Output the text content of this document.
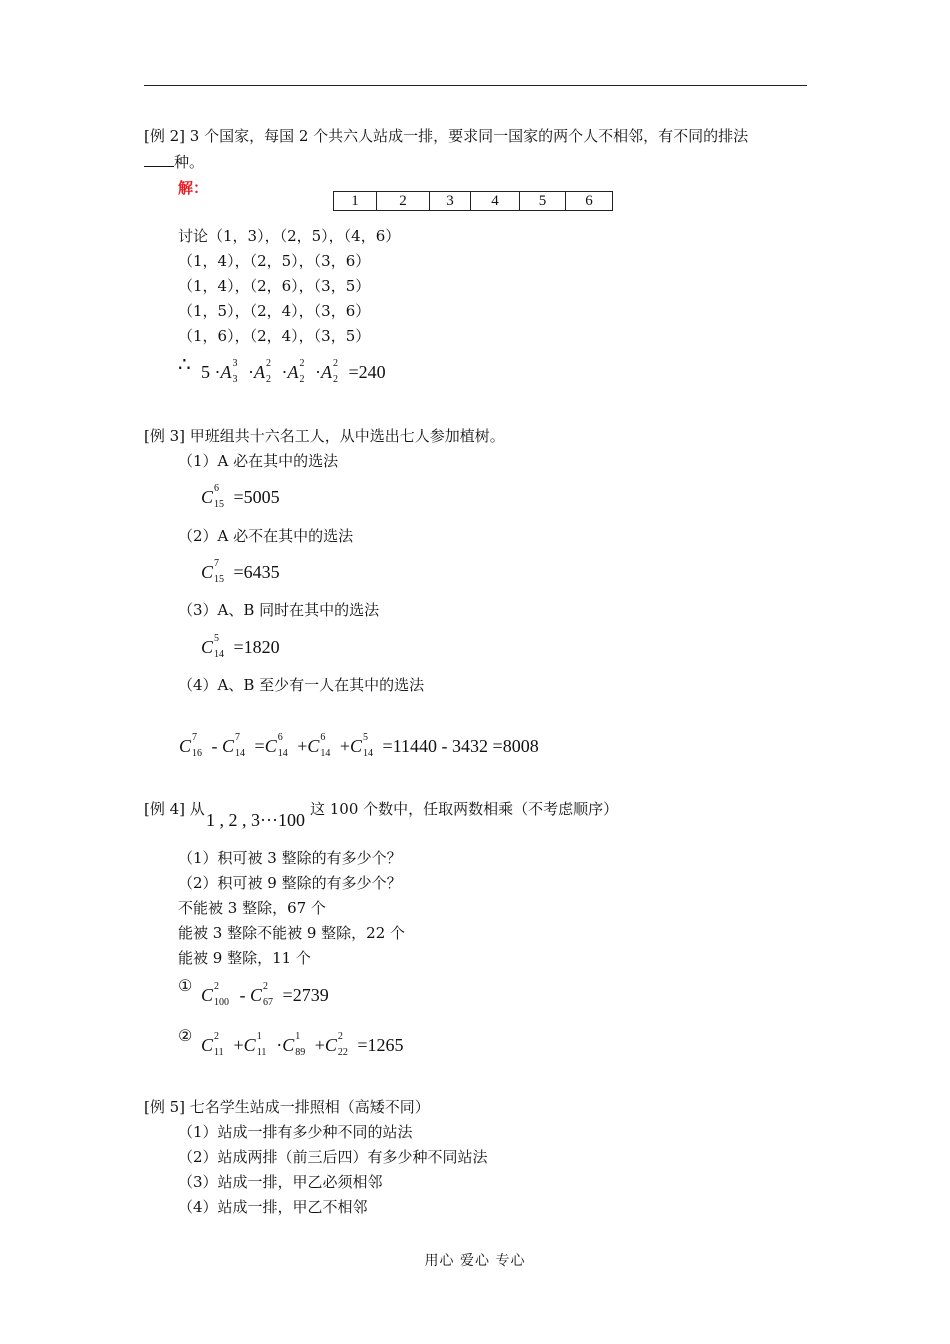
[例 2] 3 个国家，每国 2 个共六人站成一排，要求同一国家的两个人不相邻，有不同的排法
种。
解：
1	2	3	4	5	6
讨论（1，3），（2，5），（4，6）
（1，4），（2，5），（3，6）
（1，4），（2，6），（3，5）
（1，5），（2，4），（3，6）
（1，6），（2，4），（3，5）
∴ 5 ·A 3
3 ·A 2
2 ·A 2
2 ·A 2
2 =240
[例 3] 甲班组共十六名工人，从中选出七人参加植树。
（1）A 必在其中的选法
C 6
15 =5005
（2）A 必不在其中的选法
C 7
15 =6435
（3）A、B 同时在其中的选法
C 5
14 =1820
（4）A、B 至少有一人在其中的选法
C 7
16 - C 7
14 =C 6
14 +C 6
14 +C 5
14 =11440 - 3432 =8008
[例 4] 从
1 , 2 , 3···100
这 100 个数中，任取两数相乘（不考虑顺序）
（1）积可被 3 整除的有多少个？
（2）积可被 9 整除的有多少个？
不能被 3 整除，67 个
能被 3 整除不能被 9 整除，22 个
能被 9 整除，11 个
① C 2
100 - C 2
67 =2739
② C 2
11 +C 1
11 ·C 1
89 +C 2
22 =1265
[例 5] 七名学生站成一排照相（高矮不同）
（1）站成一排有多少种不同的站法
（2）站成两排（前三后四）有多少种不同站法
（3）站成一排，甲乙必须相邻
（4）站成一排，甲乙不相邻
用心 爱心 专心
